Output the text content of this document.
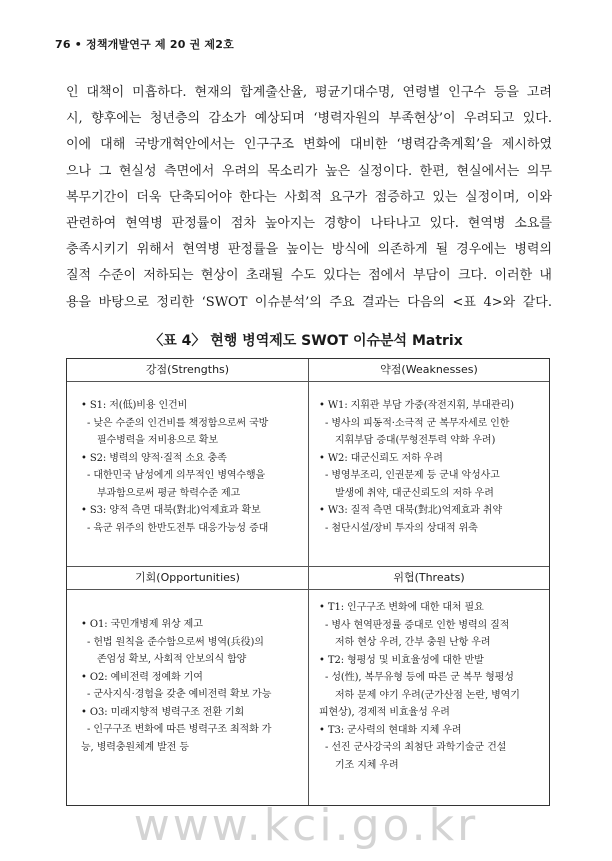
76 • 정책개발연구 제 20 권 제2호
인 대책이 미흡하다. 현재의 합계출산율, 평균기대수명, 연령별 인구수 등을 고려
시, 향후에는 청년층의 감소가 예상되며 ‘병력자원의 부족현상’이 우려되고 있다.
이에 대해 국방개혁안에서는 인구구조 변화에 대비한 ‘병력감축계획’을 제시하였
으나 그 현실성 측면에서 우려의 목소리가 높은 실정이다. 한편, 현실에서는 의무
복무기간이 더욱 단축되어야 한다는 사회적 요구가 점증하고 있는 실정이며, 이와
관련하여 현역병 판정률이 점차 높아지는 경향이 나타나고 있다. 현역병 소요를
충족시키기 위해서 현역병 판정률을 높이는 방식에 의존하게 될 경우에는 병력의
질적 수준이 저하되는 현상이 초래될 수도 있다는 점에서 부담이 크다. 이러한 내
용을 바탕으로 정리한 ‘SWOT 이슈분석’의 주요 결과는 다음의 <표 4>와 같다.
〈표 4〉 현행 병역제도 SWOT 이슈분석 Matrix
강점(Strengths)	약점(Weaknesses)
• S1: 저(低)비용 인건비
- 낮은 수준의 인건비를 책정함으로써 국방
필수병력을 저비용으로 확보
• S2: 병력의 양적·질적 소요 충족
- 대한민국 남성에게 의무적인 병역수행을
부과함으로써 평균 학력수준 제고
• S3: 양적 측면 대북(對北)억제효과 확보
- 육군 위주의 한반도전투 대응가능성 증대
• W1: 지휘관 부담 가중(작전지휘, 부대관리)
- 병사의 피동적·소극적 군 복무자세로 인한
지휘부담 증대(무형전투력 약화 우려)
• W2: 대군신뢰도 저하 우려
- 병영부조리, 인권문제 등 군내 악성사고
발생에 취약, 대군신뢰도의 저하 우려
• W3: 질적 측면 대북(對北)억제효과 취약
- 첨단시설/장비 투자의 상대적 위축
기회(Opportunities)	위협(Threats)
• O1: 국민개병제 위상 제고
- 헌법 원칙을 준수함으로써 병역(兵役)의
존엄성 확보, 사회적 안보의식 함양
• O2: 예비전력 정예화 기여
- 군사지식·경험을 갖춘 예비전력 확보 가능
• O3: 미래지향적 병력구조 전환 기회
- 인구구조 변화에 따른 병력구조 최적화 가
능, 병력충원체계 발전 등
• T1: 인구구조 변화에 대한 대처 필요
- 병사 현역판정률 증대로 인한 병력의 질적
저하 현상 우려, 간부 충원 난항 우려
• T2: 형평성 및 비효율성에 대한 반발
- 성(性), 복무유형 등에 따른 군 복무 형평성
저하 문제 야기 우려(군가산점 논란, 병역기
피현상), 경제적 비효율성 우려
• T3: 군사력의 현대화 지체 우려
- 선진 군사강국의 최첨단 과학기술군 건설
기조 지체 우려
www.kci.go.kr
